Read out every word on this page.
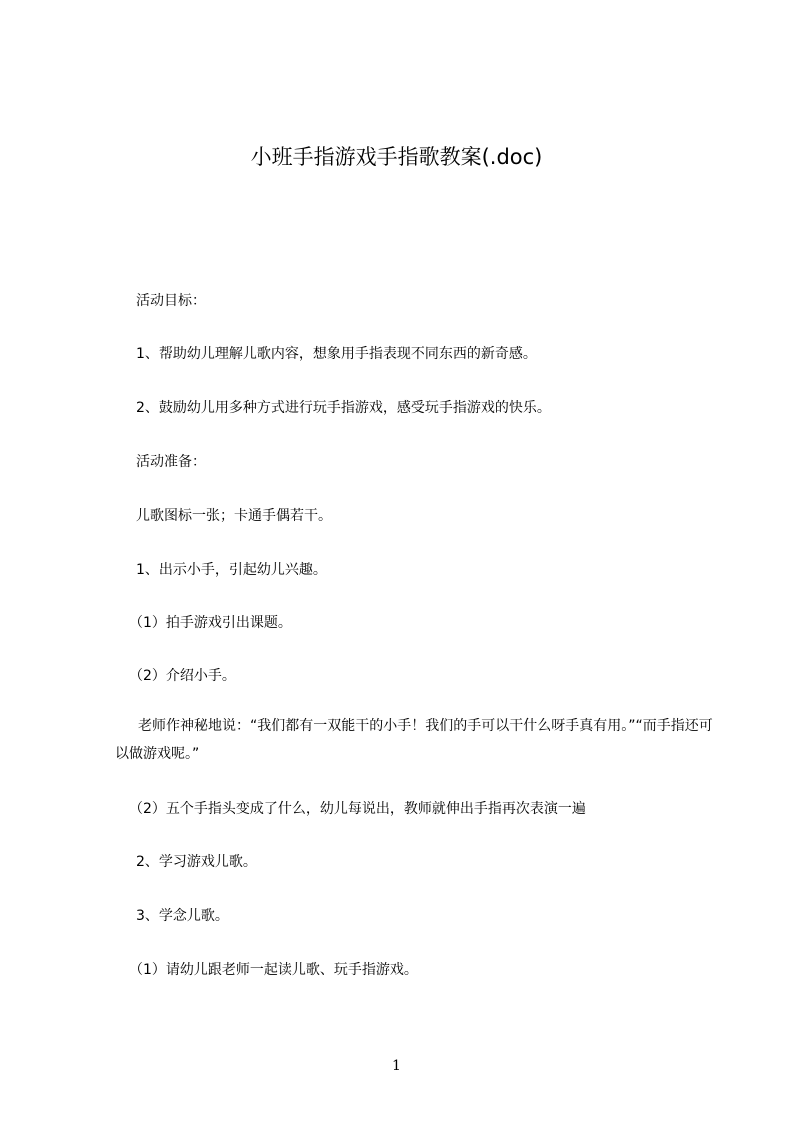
小班手指游戏手指歌教案(.doc)
活动目标：
1、帮助幼儿理解儿歌内容，想象用手指表现不同东西的新奇感。
2、鼓励幼儿用多种方式进行玩手指游戏，感受玩手指游戏的快乐。
活动准备：
儿歌图标一张；卡通手偶若干。
1、出示小手，引起幼儿兴趣。
（1）拍手游戏引出课题。
（2）介绍小手。
老师作神秘地说：“我们都有一双能干的小手！我们的手可以干什么呀手真有用。”“而手指还可以做游戏呢。”
（2）五个手指头变成了什么，幼儿每说出，教师就伸出手指再次表演一遍
2、学习游戏儿歌。
3、学念儿歌。
（1）请幼儿跟老师一起读儿歌、玩手指游戏。
1
